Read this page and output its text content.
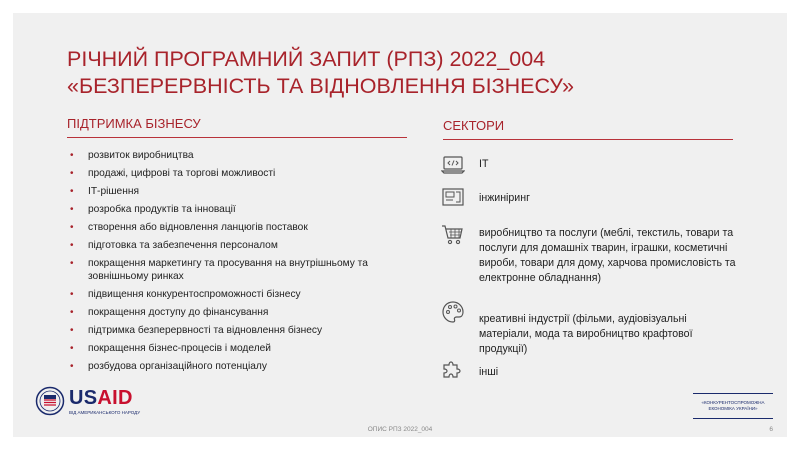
РІЧНИЙ ПРОГРАМНИЙ ЗАПИТ (РПЗ) 2022_004
«БЕЗПЕРЕРВНІСТЬ ТА ВІДНОВЛЕННЯ БІЗНЕСУ»
ПІДТРИМКА БІЗНЕСУ	СЕКТОРИ
• розвиток виробництва
• продажі, цифрові та торгові можливості
• ІТ-рішення
• розробка продуктів та інновації
• створення або відновлення ланцюгів поставок
• підготовка та забезпечення персоналом
• покращення маркетингу та просування на внутрішньому та зовнішньому ринках
• підвищення конкурентоспроможності бізнесу
• покращення доступу до фінансування
• підтримка безперервності та відновлення бізнесу
• покращення бізнес-процесів і моделей
• розбудова організаційного потенціалу
ІТ
інжиніринг
виробництво та послуги (меблі, текстиль, товари та послуги для домашніх тварин, іграшки, косметичні вироби, товари для дому, харчова промисловість та електронне обладнання)
креативні індустрії (фільми, аудіовізуальні матеріали, мода та виробництво крафтової продукції)
інші
USAID
ВІД АМЕРИКАНСЬКОГО НАРОДУ
«КОНКУРЕНТОСПРОМОЖНА
ЕКОНОМІКА УКРАЇНИ»
ОПИС РПЗ 2022_004	6
